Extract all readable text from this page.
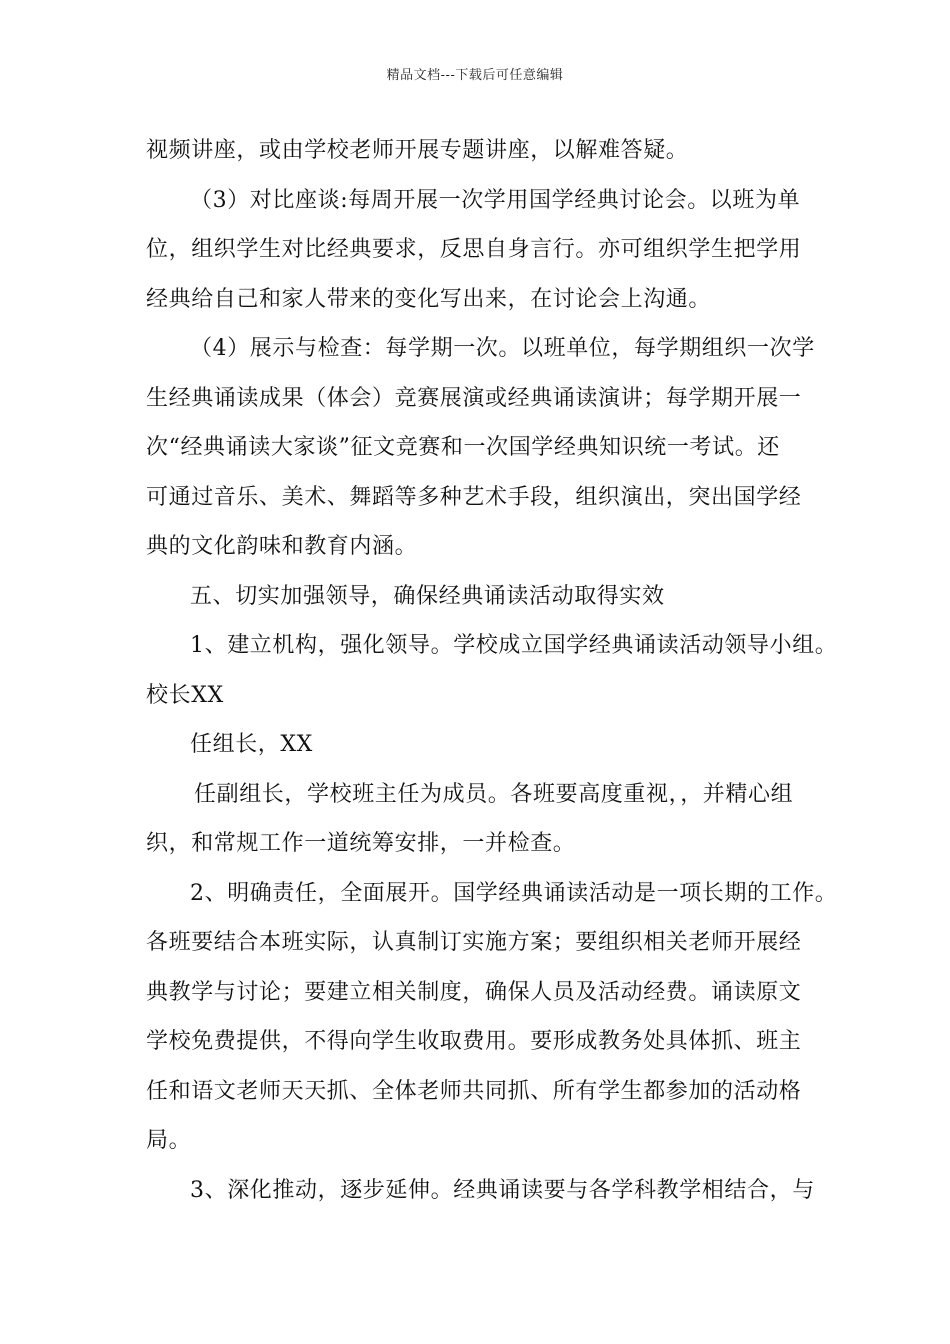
精品文档---下载后可任意编辑
视频讲座，或由学校老师开展专题讲座，以解难答疑。
（3）对比座谈:每周开展一次学用国学经典讨论会。以班为单
位，组织学生对比经典要求，反思自身言行。亦可组织学生把学用
经典给自己和家人带来的变化写出来，在讨论会上沟通。
（4）展示与检查：每学期一次。以班单位，每学期组织一次学
生经典诵读成果（体会）竞赛展演或经典诵读演讲；每学期开展一
次“经典诵读大家谈”征文竞赛和一次国学经典知识统一考试。还
可通过音乐、美术、舞蹈等多种艺术手段，组织演出，突出国学经
典的文化韵味和教育内涵。
五、切实加强领导，确保经典诵读活动取得实效
1、建立机构，强化领导。学校成立国学经典诵读活动领导小组。
校长XX
任组长，XX
任副组长，学校班主任为成员。各班要高度重视，，并精心组
织，和常规工作一道统筹安排，一并检查。
2、明确责任，全面展开。国学经典诵读活动是一项长期的工作。
各班要结合本班实际，认真制订实施方案；要组织相关老师开展经
典教学与讨论；要建立相关制度，确保人员及活动经费。诵读原文
学校免费提供，不得向学生收取费用。要形成教务处具体抓、班主
任和语文老师天天抓、全体老师共同抓、所有学生都参加的活动格
局。
3、深化推动，逐步延伸。经典诵读要与各学科教学相结合，与
